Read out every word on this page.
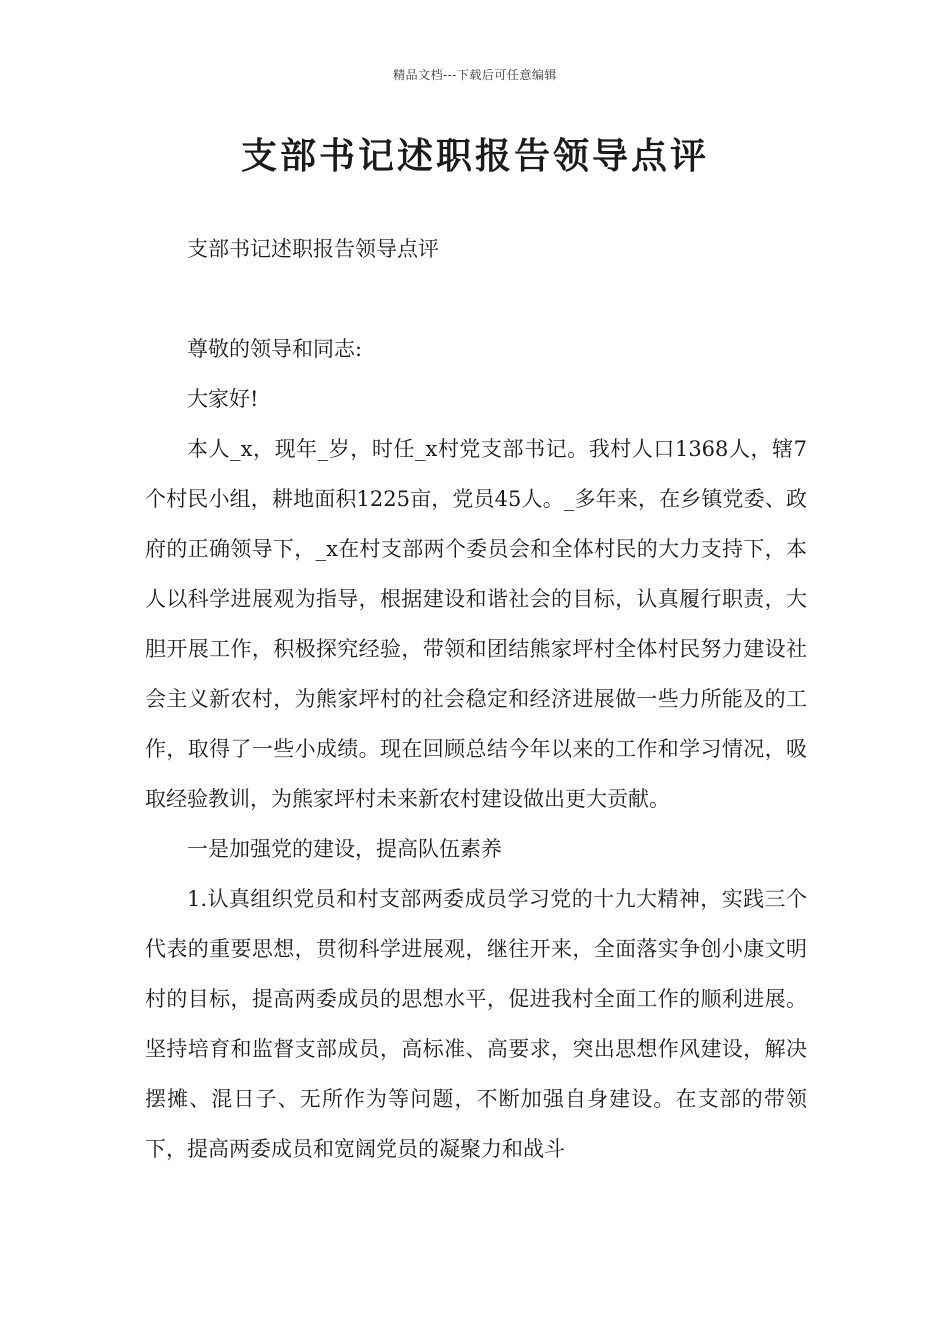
精品文档---下载后可任意编辑
支部书记述职报告领导点评

支部书记述职报告领导点评

尊敬的领导和同志:

大家好!

本人_x，现年_岁，时任_x村党支部书记。我村人口1368人，辖7个村民小组，耕地面积1225亩，党员45人。_多年来，在乡镇党委、政府的正确领导下，_x在村支部两个委员会和全体村民的大力支持下，本人以科学进展观为指导，根据建设和谐社会的目标，认真履行职责，大胆开展工作，积极探究经验，带领和团结熊家坪村全体村民努力建设社会主义新农村，为熊家坪村的社会稳定和经济进展做一些力所能及的工作，取得了一些小成绩。现在回顾总结今年以来的工作和学习情况，吸取经验教训，为熊家坪村未来新农村建设做出更大贡献。

一是加强党的建设，提高队伍素养

1.认真组织党员和村支部两委成员学习党的十九大精神，实践三个代表的重要思想，贯彻科学进展观，继往开来，全面落实争创小康文明村的目标，提高两委成员的思想水平，促进我村全面工作的顺利进展。坚持培育和监督支部成员，高标准、高要求，突出思想作风建设，解决摆摊、混日子、无所作为等问题，不断加强自身建设。在支部的带领下，提高两委成员和宽阔党员的凝聚力和战斗
